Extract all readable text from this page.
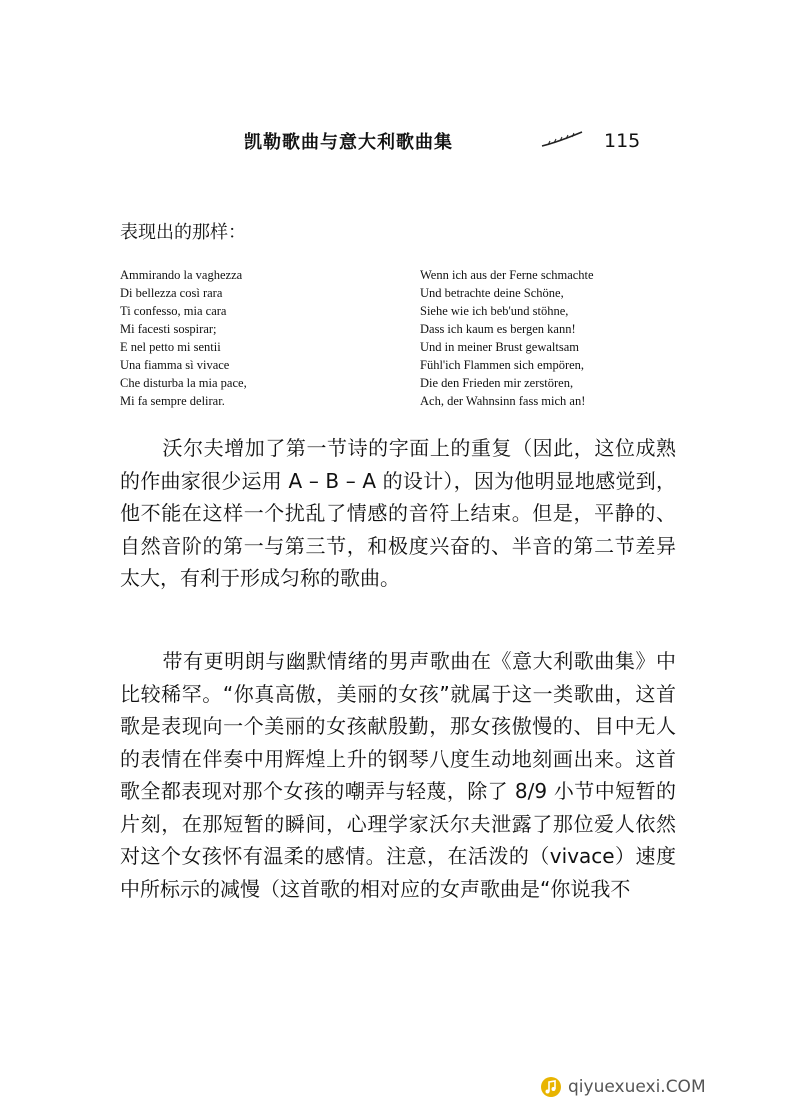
凯勒歌曲与意大利歌曲集	115
表现出的那样：
Ammirando la vaghezza
Di bellezza così rara
Ti confesso, mia cara
Mi facesti sospirar;
E nel petto mi sentii
Una fiamma sì vivace
Che disturba la mia pace,
Mi fa sempre delirar.
Wenn ich aus der Ferne schmachte
Und betrachte deine Schöne,
Siehe wie ich beb'und stöhne,
Dass ich kaum es bergen kann!
Und in meiner Brust gewaltsam
Fühl'ich Flammen sich empören,
Die den Frieden mir zerstören,
Ach, der Wahnsinn fass mich an!

沃尔夫增加了第一节诗的字面上的重复（因此，这位成熟的作曲家很少运用 A – B – A 的设计），因为他明显地感觉到，他不能在这样一个扰乱了情感的音符上结束。但是，平静的、自然音阶的第一与第三节，和极度兴奋的、半音的第二节差异太大，有利于形成匀称的歌曲。

带有更明朗与幽默情绪的男声歌曲在《意大利歌曲集》中比较稀罕。“你真高傲，美丽的女孩”就属于这一类歌曲，这首歌是表现向一个美丽的女孩献殷勤，那女孩傲慢的、目中无人的表情在伴奏中用辉煌上升的钢琴八度生动地刻画出来。这首歌全都表现对那个女孩的嘲弄与轻蔑，除了 8/9 小节中短暂的片刻，在那短暂的瞬间，心理学家沃尔夫泄露了那位爱人依然对这个女孩怀有温柔的感情。注意，在活泼的（vivace）速度中所标示的减慢（这首歌的相对应的女声歌曲是“你说我不

qiyuexuexi.COM
